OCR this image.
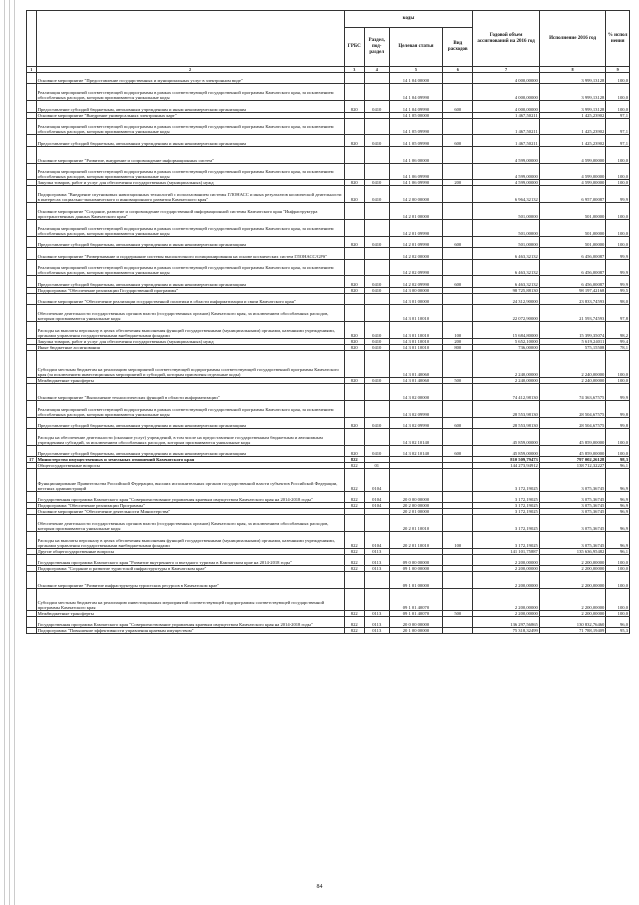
		коды				Годовой объем ассигнований на 2016 год	Исполнение 2016 год	% испол нения
		ГРБС	Раздел, под-раздел	Целевая статья	Вид расходов			
1	2	3	4	5	6	7	8	9
	Основное мероприятие "Предоставление государственных и муниципальных услуг в электронном виде"			14 1 04 00000		4 000,00000	3 999,13128	100,0
	Реализация мероприятий соответствующей подпрограммы в рамках соответствующей государственной программы Камчатского края, за исключением обособленных расходов, которым присваиваются уникальные коды			14 1 04 09990		4 000,00000	3 999,13128	100,0
	Предоставление субсидий бюджетным, автономным учреждениям и иным некоммерческим организациям	820	0410	14 1 04 09990	600	4 000,00000	3 999,13128	100,0
	Основное мероприятие "Внедрение универсальных электронных карт"			14 1 05 00000		1 467,50211	1 425,23902	97,1
	Реализация мероприятий соответствующей подпрограммы в рамках соответствующей государственной программы Камчатского края, за исключением обособленных расходов, которым присваиваются уникальные коды			14 1 05 09990		1 467,50211	1 425,23902	97,1
	Предоставление субсидий бюджетным, автономным учреждениям и иным некоммерческим организациям	820	0410	14 1 05 09990	600	1 467,50211	1 425,23902	97,1
	Основное мероприятие "Развитие, внедрение и сопровождение информационных систем"			14 1 06 00000		4 599,00000	4 599,00000	100,0
	Реализация мероприятий соответствующей подпрограммы в рамках соответствующей государственной программы Камчатского края, за исключением обособленных расходов, которым присваиваются уникальные коды			14 1 06 09990		4 599,00000	4 599,00000	100,0
	Закупка товаров, работ и услуг для обеспечения государственных (муниципальных) нужд	820	0410	14 1 06 09990	200	4 599,00000	4 599,00000	100,0
	Подпрограмма "Внедрение спутниковых навигационных технологий с использованием системы ГЛОНАСС и иных результатов космической деятельности в интересах социально-экономического и инновационного развития Камчатского края"	820	0410	14 2 00 00000		6 964,32132	6 957,00087	99,9
	Основное мероприятие "Создание, развитие и сопровождение государственной информационной системы Камчатского края "Инфраструктура пространственных данных Камчатского края"			14 2 01 00000		501,00000	501,00000	100,0
	Реализация мероприятий соответствующей подпрограммы в рамках соответствующей государственной программы Камчатского края, за исключением обособленных расходов, которым присваиваются уникальные коды			14 2 01 09990		501,00000	501,00000	100,0
	Предоставление субсидий бюджетным, автономным учреждениям и иным некоммерческим организациям	820	0410	14 2 01 09990	600	501,00000	501,00000	100,0
	Основное мероприятие "Развертывание и поддержание системы высокоточного позиционирования на основе космических систем ГЛОНАСС/GPS"			14 2 02 00000		6 463,32132	6 456,00087	99,9
	Реализация мероприятий соответствующей подпрограммы в рамках соответствующей государственной программы Камчатского края, за исключением обособленных расходов, которым присваиваются уникальные коды			14 2 02 09990		6 463,32132	6 456,00087	99,9
	Предоставление субсидий бюджетным, автономным учреждениям и иным некоммерческим организациям	820	0410	14 2 02 09990	600	6 463,32132	6 456,00087	99,9
	Подпрограмма "Обеспечение реализации Государственной программы"	820	0410	14 3 00 00000		98 725,88130	98 197,42168	99,5
	Основное мероприятие "Обеспечение реализации государственной политики в области информатизации и связи Камчатского края"			14 3 01 00000		24 312,90000	23 833,74593	98,0
	Обеспечение деятельности государственных органов власти (государственных органов) Камчатского края, за исключением обособленных расходов, которым присваиваются уникальные коды			14 3 01 10010		22 072,90000	21 593,74593	97,8
	Расходы на выплаты персоналу в целях обеспечения выполнения функций государственными (муниципальными) органами, казенными учреждениями, органами управления государственными внебюджетными фондами	820	0410	14 3 01 10010	100	15 684,80000	15 399,35074	98,2
	Закупка товаров, работ и услуг для обеспечения государственных (муниципальных) нужд	820	0410	14 3 01 10010	200	5 652,10000	5 619,24011	99,4
	Иные бюджетные ассигнования	820	0410	14 3 01 10010	800	736,00000	575,15508	78,1
	Субсидии местным бюджетам на реализацию мероприятий соответствующей подпрограммы соответствующей государственной программы Камчатского края (за исключением инвестиционных мероприятий и субсидий, которым присвоены отдельные коды)			14 3 01 40060		2 240,00000	2 240,00000	100,0
	Межбюджетные трансферты	820	0410	14 3 01 40060	500	2 240,00000	2 240,00000	100,0
	Основное мероприятие "Выполнение технологических функций в области информатизации"			14 3 02 00000		74 412,98130	74 363,67575	99,9
	Реализация мероприятий соответствующей подпрограммы в рамках соответствующей государственной программы Камчатского края, за исключением обособленных расходов, которым присваиваются уникальные коды			14 3 02 09990		28 553,98130	28 504,67575	99,8
	Предоставление субсидий бюджетным, автономным учреждениям и иным некоммерческим организациям	820	0410	14 3 02 09990	600	28 553,98130	28 504,67575	99,8
	Расходы на обеспечение деятельности (оказание услуг) учреждений, в том числе на предоставление государственным бюджетным и автономным учреждениям субсидий, за исключением обособленных расходов, которым присваиваются уникальные коды			14 3 02 10140		45 859,00000	45 859,00000	100,0
	Предоставление субсидий бюджетным, автономным учреждениям и иным некоммерческим организациям	820	0410	14 3 02 10140	600	45 859,00000	45 859,00000	100,0
17	Министерство имущественных и земельных отношений Камчатского края	822				810 509,79473	797 002,26128	98,3
	Общегосударственные вопросы	822	01			144 273,94912	138 712,32227	96,1
	Функционирование Правительства Российской Федерации, высших исполнительных органов государственной власти субъектов Российской Федерации, местных администраций	822	0104			3 172,19025	3 075,36745	96,9
	Государственная программа Камчатского края "Совершенствование управления краевым имуществом Камчатского края на 2014-2018 годы"	822	0104	20 0 00 00000		3 172,19025	3 075,36745	96,9
	Подпрограмма "Обеспечение реализации Программы"	822	0104	20 2 00 00000		3 172,19025	3 075,36745	96,9
	Основное мероприятие "Обеспечение деятельности Министерства"			20 2 01 00000		3 172,19025	3 075,36745	96,9
	Обеспечение деятельности государственных органов власти (государственных органов) Камчатского края, за исключением обособленных расходов, которым присваиваются уникальные коды			20 2 01 10010		3 172,19025	3 075,36745	96,9
	Расходы на выплаты персоналу в целях обеспечения выполнения функций государственными (муниципальными) органами, казенными учреждениями, органами управления государственными внебюджетными фондами	822	0104	20 2 01 10010	100	3 172,19025	3 075,36745	96,9
	Другие общегосударственные вопросы	822	0113			141 101,75887	135 636,95482	96,1
	Государственная программа Камчатского края "Развитие внутреннего и въездного туризма в Камчатском крае на 2014-2018 годы"	822	0113	09 0 00 00000		2 200,00000	2 200,00000	100,0
	Подпрограмма "Создание и развитие туристской инфраструктуры в Камчатском крае"	822	0113	09 1 00 00000		2 200,00000	2 200,00000	100,0
	Основное мероприятие "Развитие инфраструктуры туристских ресурсов в Камчатском крае"			09 1 01 00000		2 200,00000	2 200,00000	100,0
	Субсидии местным бюджетам на реализацию инвестиционных мероприятий соответствующей подпрограммы соответствующей государственной программы Камчатского края			09 1 01 40070		2 200,00000	2 200,00000	100,0
	Межбюджетные трансферты	822	0113	09 1 01 40070	500	2 200,00000	2 200,00000	100,0
	Государственная программа Камчатского края "Совершенствование управления краевым имуществом Камчатского края на 2014-2018 годы"	822	0113	20 0 00 00000		136 297,56865	130 832,76460	96,0
	Подпрограмма "Повышение эффективности управления краевым имуществом"	822	0113	20 1 00 00000		75 318,32499	71 788,19409	95,3
84
